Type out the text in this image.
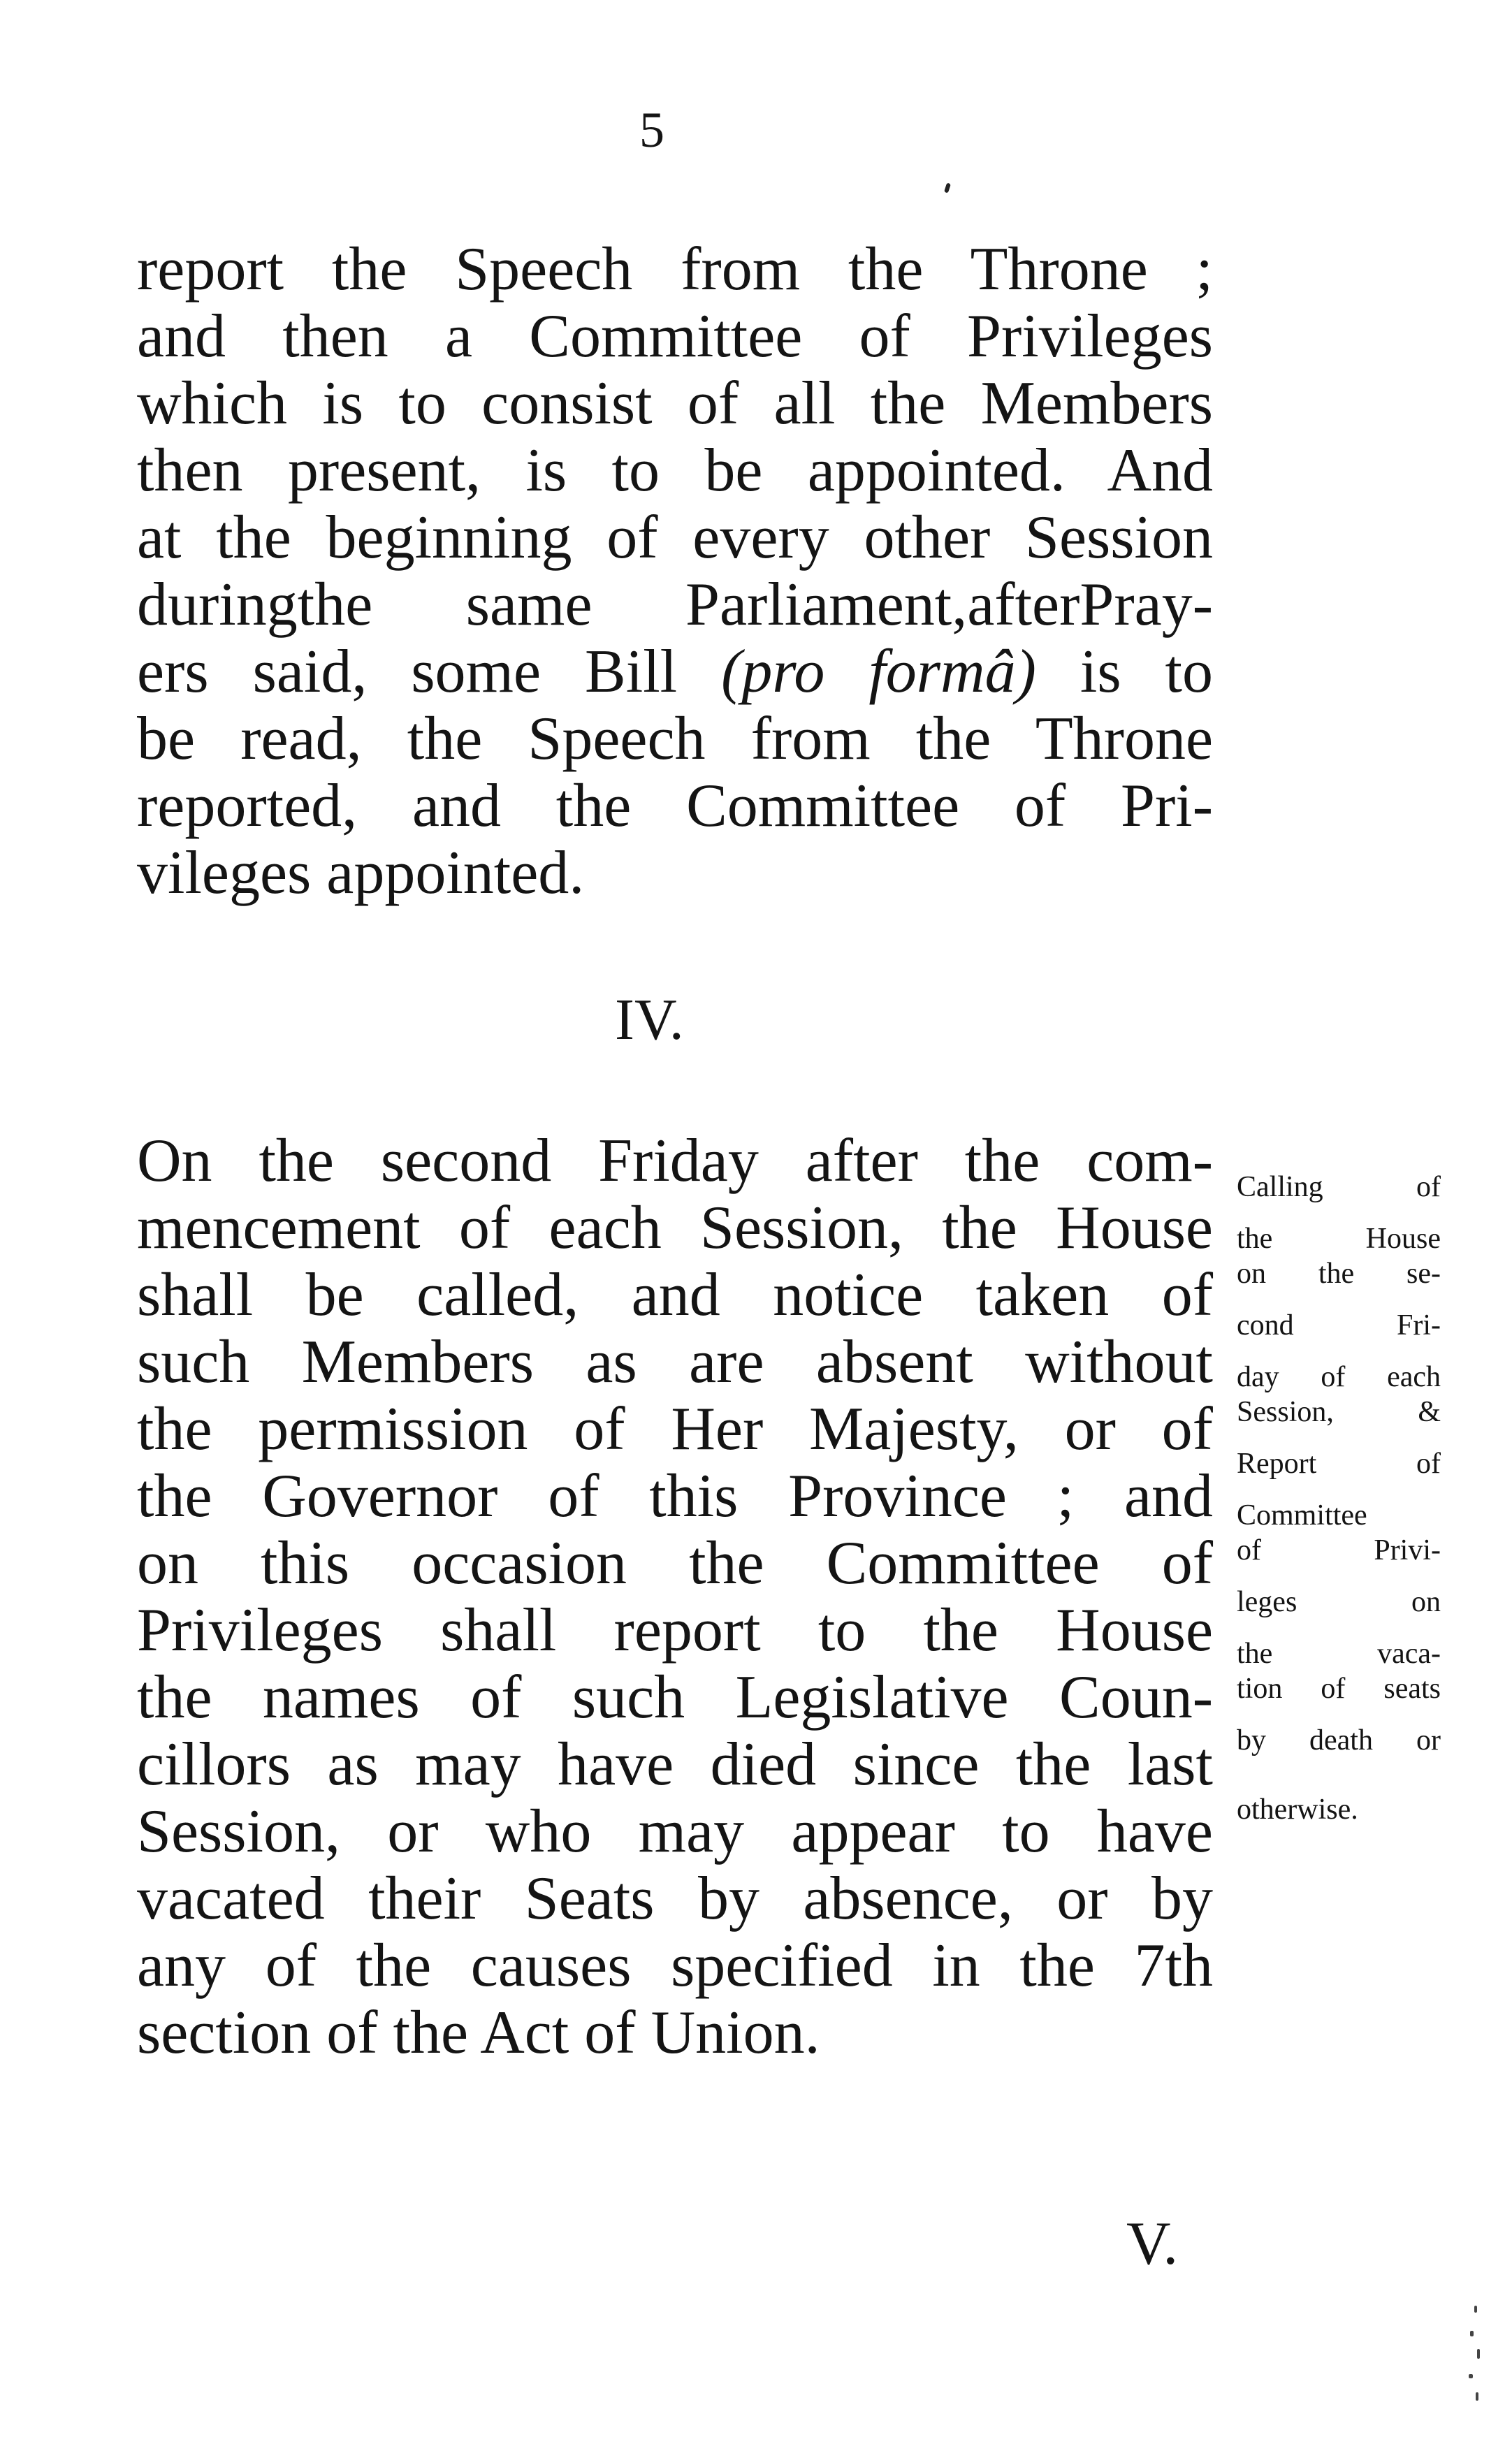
5
report the Speech from the Throne ;
and then a Committee of Privileges
which is to consist of all the Members
then present, is to be appointed. And
at the beginning of every other Session
duringthe same Parliament,afterPray-
ers said, some Bill (pro formâ) is to
be read, the Speech from the Throne
reported, and the Committee of Pri-
vileges appointed.
IV.
On the second Friday after the com-
mencement of each Session, the House
shall be called, and notice taken of
such Members as are absent without
the permission of Her Majesty, or of
the Governor of this Province ; and
on this occasion the Committee of
Privileges shall report to the House
the names of such Legislative Coun-
cillors as may have died since the last
Session, or who may appear to have
vacated their Seats by absence, or by
any of the causes specified in the 7th
section of the Act of Union.
Calling of
the House
on the se-
cond Fri-
day of each
Session, &
Report of
Committee
of Privi-
leges on
the vaca-
tion of seats
by death or
otherwise.
V.
